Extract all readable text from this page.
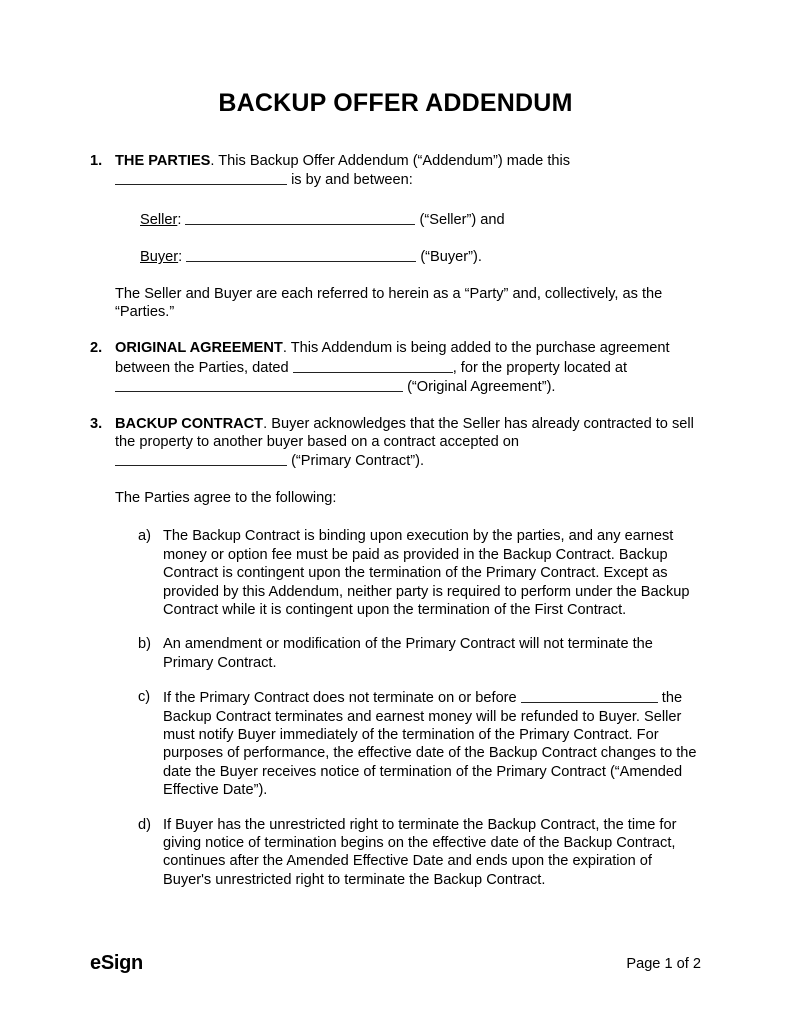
BACKUP OFFER ADDENDUM
1. THE PARTIES. This Backup Offer Addendum (“Addendum”) made this
is by and between:
Seller:	(“Seller”) and
Buyer:	(“Buyer”).
The Seller and Buyer are each referred to herein as a “Party” and, collectively, as the “Parties.”
2. ORIGINAL AGREEMENT. This Addendum is being added to the purchase agreement between the Parties, dated	, for the property located at  (“Original Agreement”).
3. BACKUP CONTRACT. Buyer acknowledges that the Seller has already contracted to sell the property to another buyer based on a contract accepted on
(“Primary Contract”).
The Parties agree to the following:
a) The Backup Contract is binding upon execution by the parties, and any earnest money or option fee must be paid as provided in the Backup Contract. Backup Contract is contingent upon the termination of the Primary Contract. Except as provided by this Addendum, neither party is required to perform under the Backup Contract while it is contingent upon the termination of the First Contract.
b) An amendment or modification of the Primary Contract will not terminate the Primary Contract.
c) If the Primary Contract does not terminate on or before	the Backup Contract terminates and earnest money will be refunded to Buyer. Seller must notify Buyer immediately of the termination of the Primary Contract. For purposes of performance, the effective date of the Backup Contract changes to the date the Buyer receives notice of termination of the Primary Contract (“Amended Effective Date”).
d) If Buyer has the unrestricted right to terminate the Backup Contract, the time for giving notice of termination begins on the effective date of the Backup Contract, continues after the Amended Effective Date and ends upon the expiration of Buyer's unrestricted right to terminate the Backup Contract.
eSign	Page 1 of 2
